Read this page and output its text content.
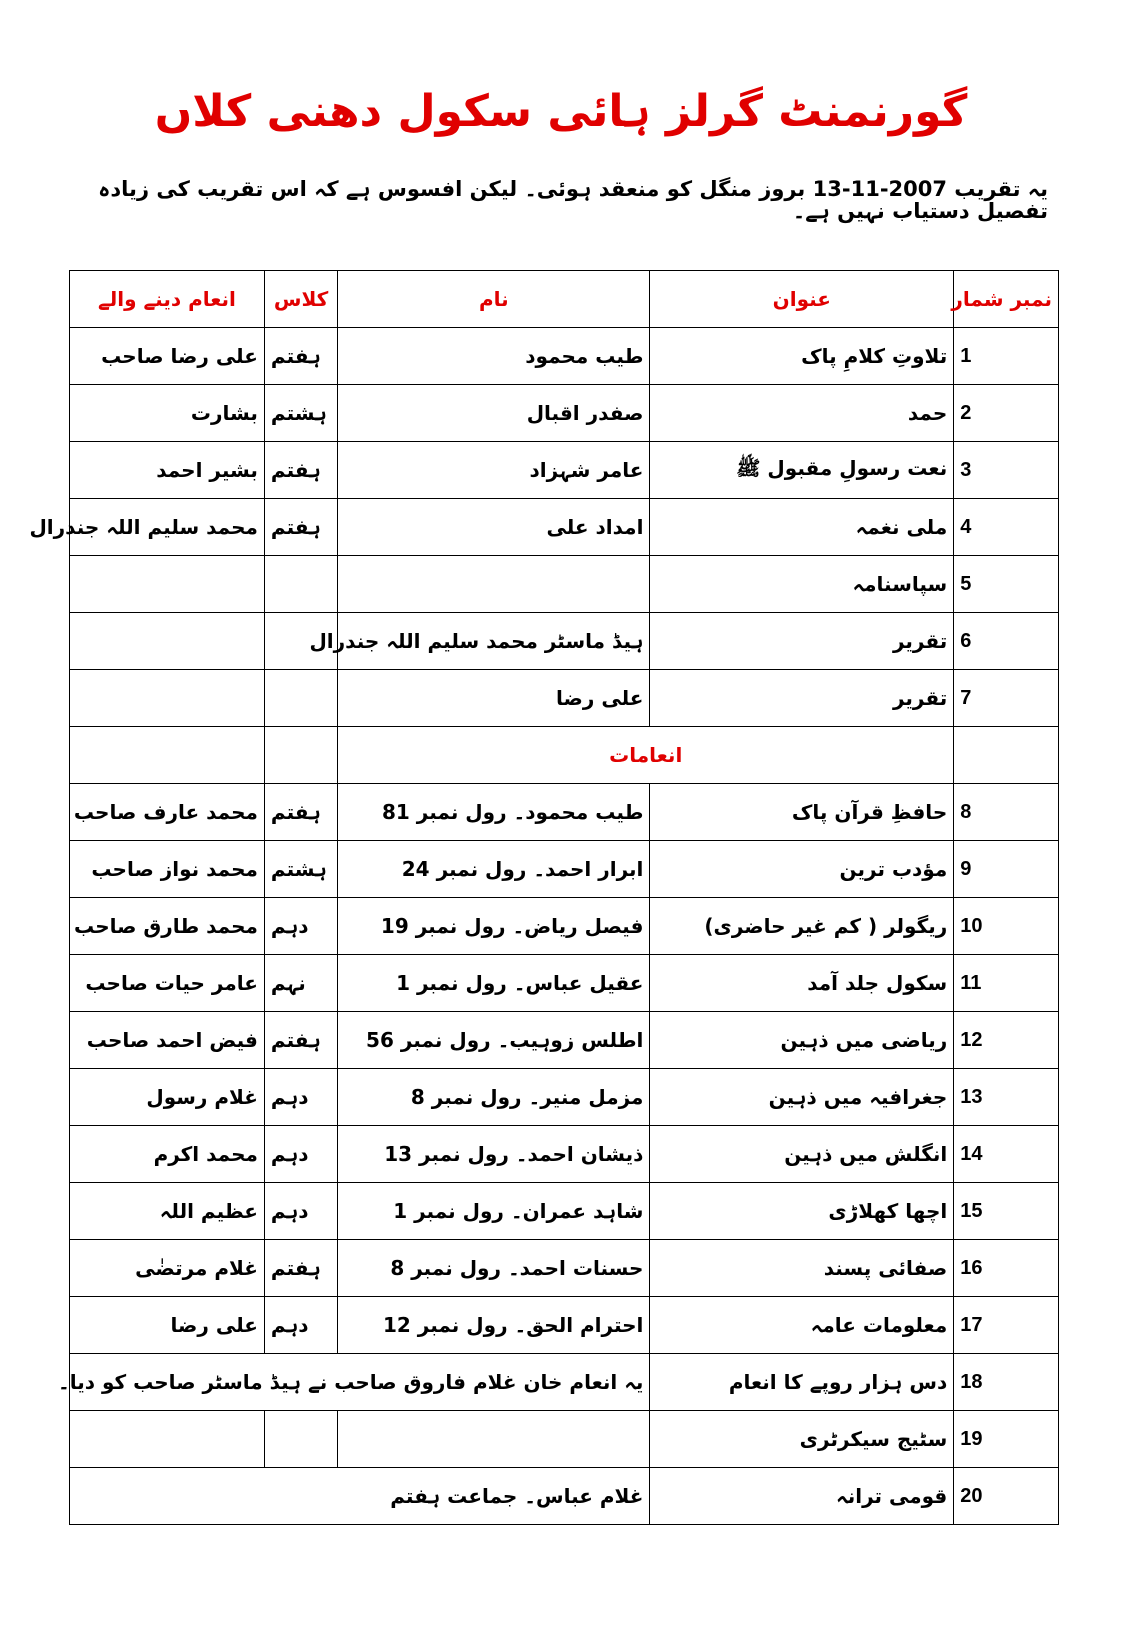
گورنمنٹ گرلز ہائی سکول دھنی کلاں
یہ تقریب 2007-11-13 بروز منگل کو منعقد ہوئی۔ لیکن افسوس ہے کہ اس تقریب کی زیادہ تفصیل دستیاب نہیں ہے۔
نمبر شمار	عنوان	نام	کلاس	انعام دینے والے
1	تلاوتِ کلامِ پاک	طیب محمود	ہفتم	علی رضا صاحب
2	حمد	صفدر اقبال	ہشتم	بشارت
3	نعت رسولِ مقبول ﷺ	عامر شہزاد	ہفتم	بشیر احمد
4	ملی نغمہ	امداد علی	ہفتم	محمد سلیم اللہ جندرال
5	سپاسنامہ			
6	تقریر	ہیڈ ماسٹر محمد سلیم اللہ جندرال		
7	تقریر	علی رضا		
	انعامات			
8	حافظِ قرآن پاک	طیب محمود۔ رول نمبر 81	ہفتم	محمد عارف صاحب
9	مؤدب ترین	ابرار احمد۔ رول نمبر 24	ہشتم	محمد نواز صاحب
10	ریگولر ( کم غیر حاضری)	فیصل ریاض۔ رول نمبر 19	دہم	محمد طارق صاحب
11	سکول جلد آمد	عقیل عباس۔ رول نمبر 1	نہم	عامر حیات صاحب
12	ریاضی میں ذہین	اطلس زوہیب۔ رول نمبر 56	ہفتم	فیض احمد صاحب
13	جغرافیہ میں ذہین	مزمل منیر۔ رول نمبر 8	دہم	غلام رسول
14	انگلش میں ذہین	ذیشان احمد۔ رول نمبر 13	دہم	محمد اکرم
15	اچھا کھلاڑی	شاہد عمران۔ رول نمبر 1	دہم	عظیم اللہ
16	صفائی پسند	حسنات احمد۔ رول نمبر 8	ہفتم	غلام مرتضٰی
17	معلومات عامہ	احترام الحق۔ رول نمبر 12	دہم	علی رضا
18	دس ہزار روپے کا انعام	یہ انعام خان غلام فاروق صاحب نے ہیڈ ماسٹر صاحب کو دیا۔		
19	سٹیج سیکرٹری			
20	قومی ترانہ	غلام عباس۔ جماعت ہفتم		
